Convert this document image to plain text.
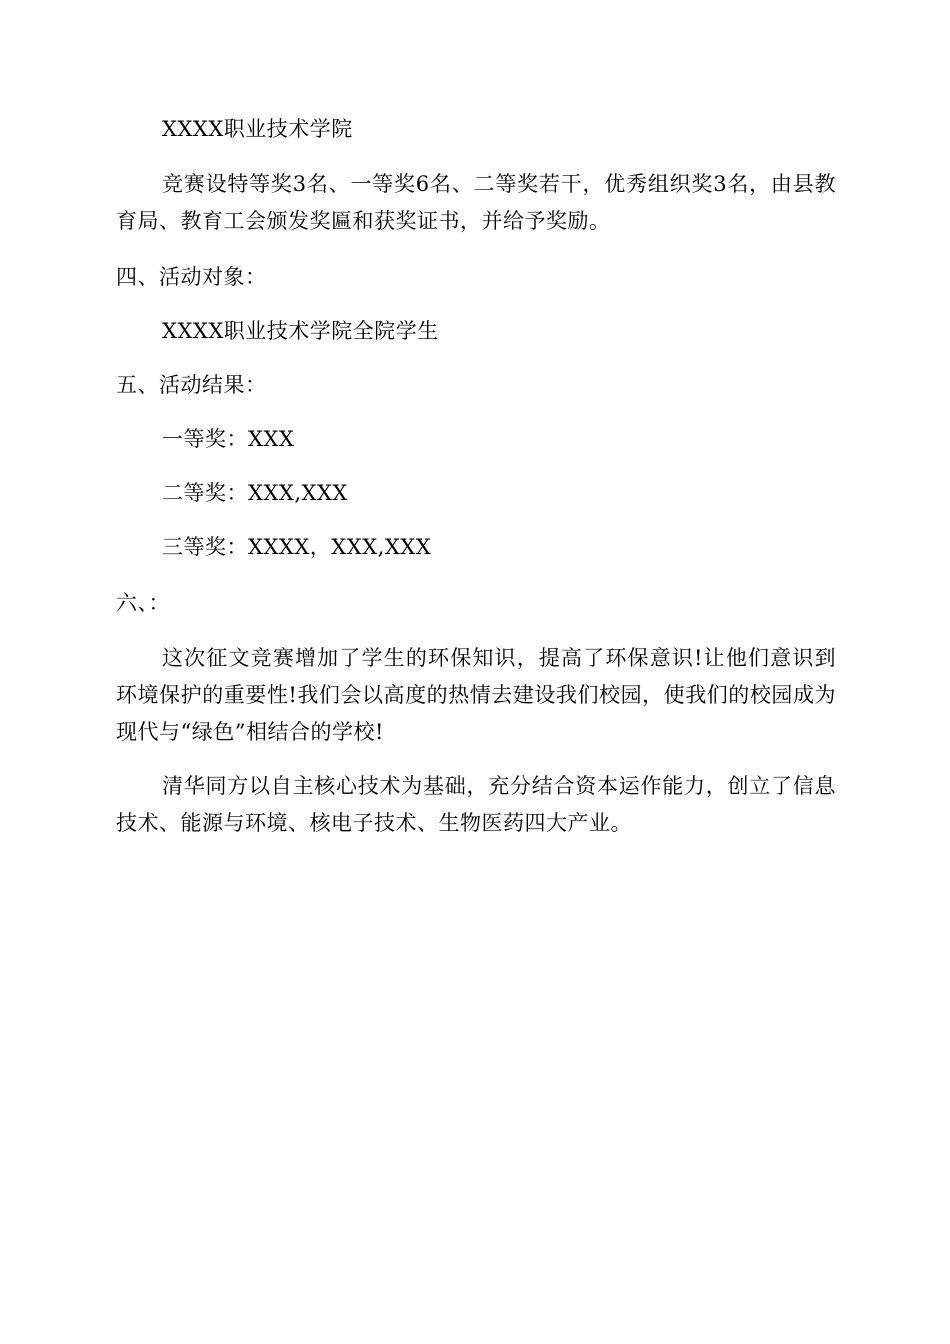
XXXX职业技术学院
竞赛设特等奖3名、一等奖6名、二等奖若干，优秀组织奖3名，由县教育局、教育工会颁发奖匾和获奖证书，并给予奖励。
四、活动对象：
XXXX职业技术学院全院学生
五、活动结果：
一等奖：XXX
二等奖：XXX,XXX
三等奖：XXXX，XXX,XXX
六、：
这次征文竞赛增加了学生的环保知识，提高了环保意识!让他们意识到环境保护的重要性!我们会以高度的热情去建设我们校园，使我们的校园成为现代与“绿色”相结合的学校!
清华同方以自主核心技术为基础，充分结合资本运作能力，创立了信息技术、能源与环境、核电子技术、生物医药四大产业。
